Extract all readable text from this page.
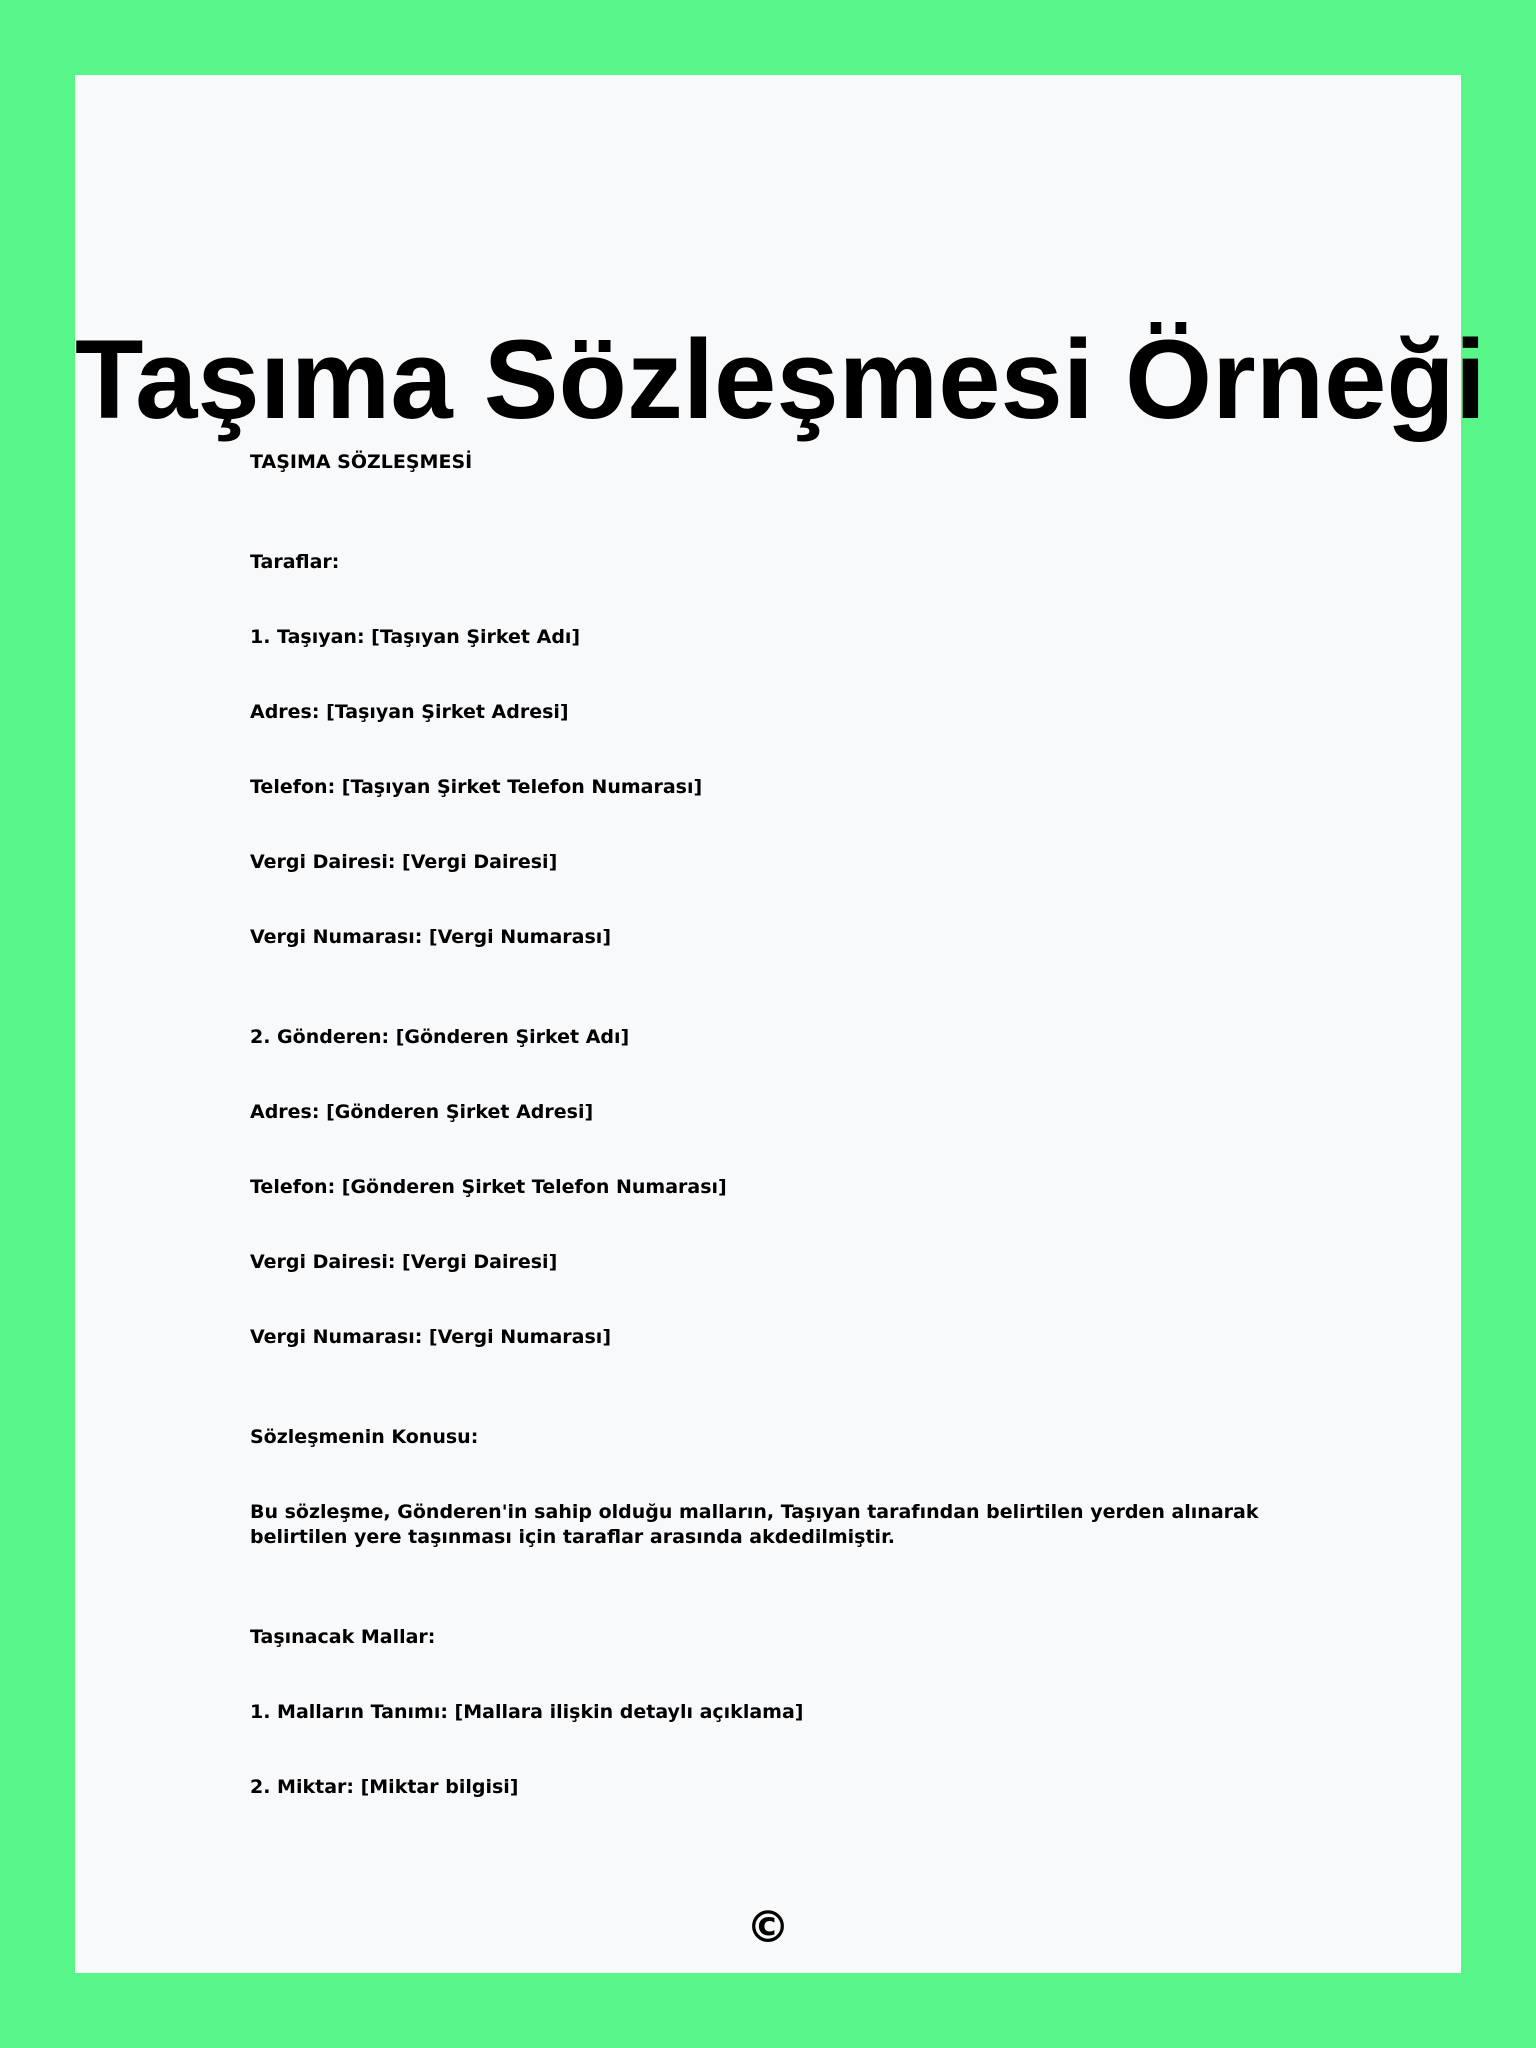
Taşıma Sözleşmesi Örneği
TAŞIMA SÖZLEŞMESİ
Taraflar:
1. Taşıyan: [Taşıyan Şirket Adı]
Adres: [Taşıyan Şirket Adresi]
Telefon: [Taşıyan Şirket Telefon Numarası]
Vergi Dairesi: [Vergi Dairesi]
Vergi Numarası: [Vergi Numarası]
2. Gönderen: [Gönderen Şirket Adı]
Adres: [Gönderen Şirket Adresi]
Telefon: [Gönderen Şirket Telefon Numarası]
Vergi Dairesi: [Vergi Dairesi]
Vergi Numarası: [Vergi Numarası]
Sözleşmenin Konusu:
Bu sözleşme, Gönderen'in sahip olduğu malların, Taşıyan tarafından belirtilen yerden alınarak belirtilen yere taşınması için taraflar arasında akdedilmiştir.
Taşınacak Mallar:
1. Malların Tanımı: [Mallara ilişkin detaylı açıklama]
2. Miktar: [Miktar bilgisi]
©
